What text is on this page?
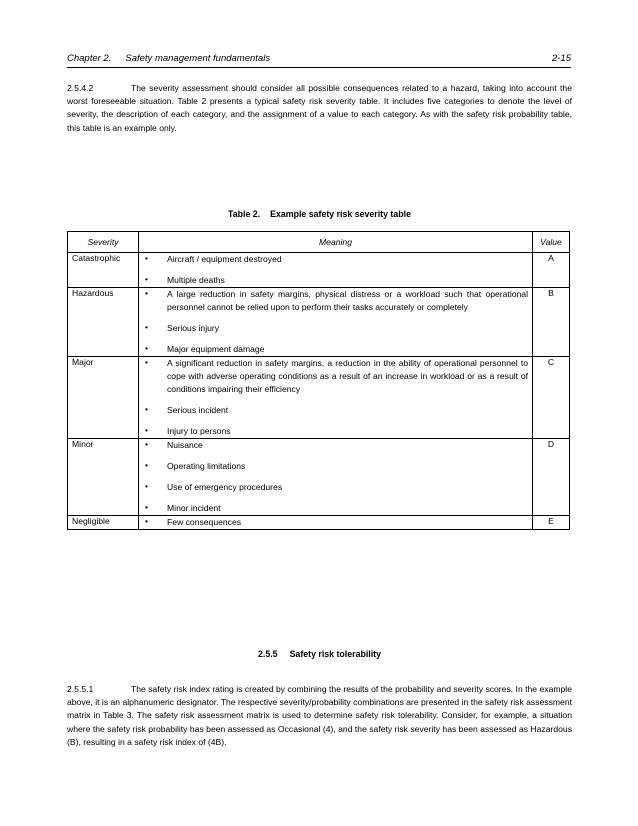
Chapter 2. Safety management fundamentals	2-15
2.5.4.2	The severity assessment should consider all possible consequences related to a hazard, taking into account the worst foreseeable situation. Table 2 presents a typical safety risk severity table. It includes five categories to denote the level of severity, the description of each category, and the assignment of a value to each category. As with the safety risk probability table, this table is an example only.
Table 2. Example safety risk severity table
Severity	Meaning		Value
Catastrophic	•	Aircraft / equipment destroyed	A

	•	Multiple deaths	
Hazardous	•	A large reduction in safety margins, physical distress or a workload such that operational personnel cannot be relied upon to perform their tasks accurately or completely	B

	•	Serious injury	

	•	Major equipment damage	
Major	•	A significant reduction in safety margins, a reduction in the ability of operational personnel to cope with adverse operating conditions as a result of an increase in workload or as a result of conditions impairing their efficiency	C

	•	Serious incident	

	•	Injury to persons	
Minor	•	Nuisance	D

	•	Operating limitations	

	•	Use of emergency procedures	

	•	Minor incident	
Negligible	•	Few consequences	E
2.5.5 Safety risk tolerability
2.5.5.1	The safety risk index rating is created by combining the results of the probability and severity scores. In the example above, it is an alphanumeric designator. The respective severity/probability combinations are presented in the safety risk assessment matrix in Table 3. The safety risk assessment matrix is used to determine safety risk tolerability. Consider, for example, a situation where the safety risk probability has been assessed as Occasional (4), and the safety risk severity has been assessed as Hazardous (B), resulting in a safety risk index of (4B).
